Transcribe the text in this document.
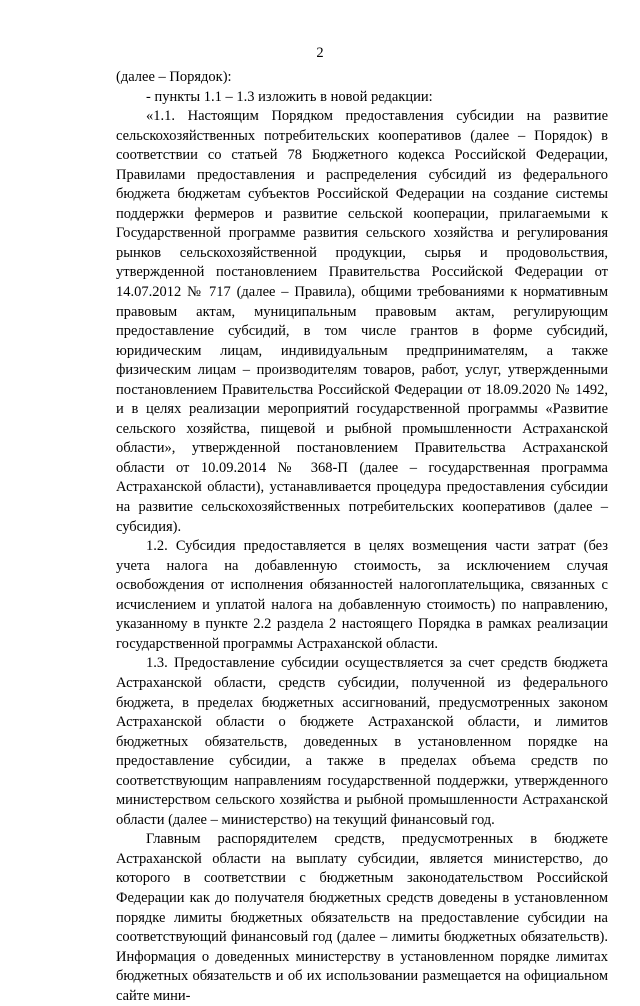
2

(далее – Порядок):

- пункты 1.1 – 1.3 изложить в новой редакции:

«1.1. Настоящим Порядком предоставления субсидии на развитие сельскохозяйственных потребительских кооперативов (далее – Порядок) в соответствии со статьей 78 Бюджетного кодекса Российской Федерации, Правилами предоставления и распределения субсидий из федерального бюджета бюджетам субъектов Российской Федерации на создание системы поддержки фермеров и развитие сельской кооперации, прилагаемыми к Государственной программе развития сельского хозяйства и регулирования рынков сельскохозяйственной продукции, сырья и продовольствия, утвержденной постановлением Правительства Российской Федерации от 14.07.2012 № 717 (далее – Правила), общими требованиями к нормативным правовым актам, муниципальным правовым актам, регулирующим предоставление субсидий, в том числе грантов в форме субсидий, юридическим лицам, индивидуальным предпринимателям, а также физическим лицам – производителям товаров, работ, услуг, утвержденными постановлением Правительства Российской Федерации от 18.09.2020 № 1492, и в целях реализации мероприятий государственной программы «Развитие сельского хозяйства, пищевой и рыбной промышленности Астраханской области», утвержденной постановлением Правительства Астраханской области от 10.09.2014 № 368-П (далее – государственная программа Астраханской области), устанавливается процедура предоставления субсидии на развитие сельскохозяйственных потребительских кооперативов (далее – субсидия).

1.2. Субсидия предоставляется в целях возмещения части затрат (без учета налога на добавленную стоимость, за исключением случая освобождения от исполнения обязанностей налогоплательщика, связанных с исчислением и уплатой налога на добавленную стоимость) по направлению, указанному в пункте 2.2 раздела 2 настоящего Порядка в рамках реализации государственной программы Астраханской области.

1.3. Предоставление субсидии осуществляется за счет средств бюджета Астраханской области, средств субсидии, полученной из федерального бюджета, в пределах бюджетных ассигнований, предусмотренных законом Астраханской области о бюджете Астраханской области, и лимитов бюджетных обязательств, доведенных в установленном порядке на предоставление субсидии, а также в пределах объема средств по соответствующим направлениям государственной поддержки, утвержденного министерством сельского хозяйства и рыбной промышленности Астраханской области (далее – министерство) на текущий финансовый год.

Главным распорядителем средств, предусмотренных в бюджете Астраханской области на выплату субсидии, является министерство, до которого в соответствии с бюджетным законодательством Российской Федерации как до получателя бюджетных средств доведены в установленном порядке лимиты бюджетных обязательств на предоставление субсидии на соответствующий финансовый год (далее – лимиты бюджетных обязательств). Информация о доведенных министерству в установленном порядке лимитах бюджетных обязательств и об их использовании размещается на официальном сайте мини-
